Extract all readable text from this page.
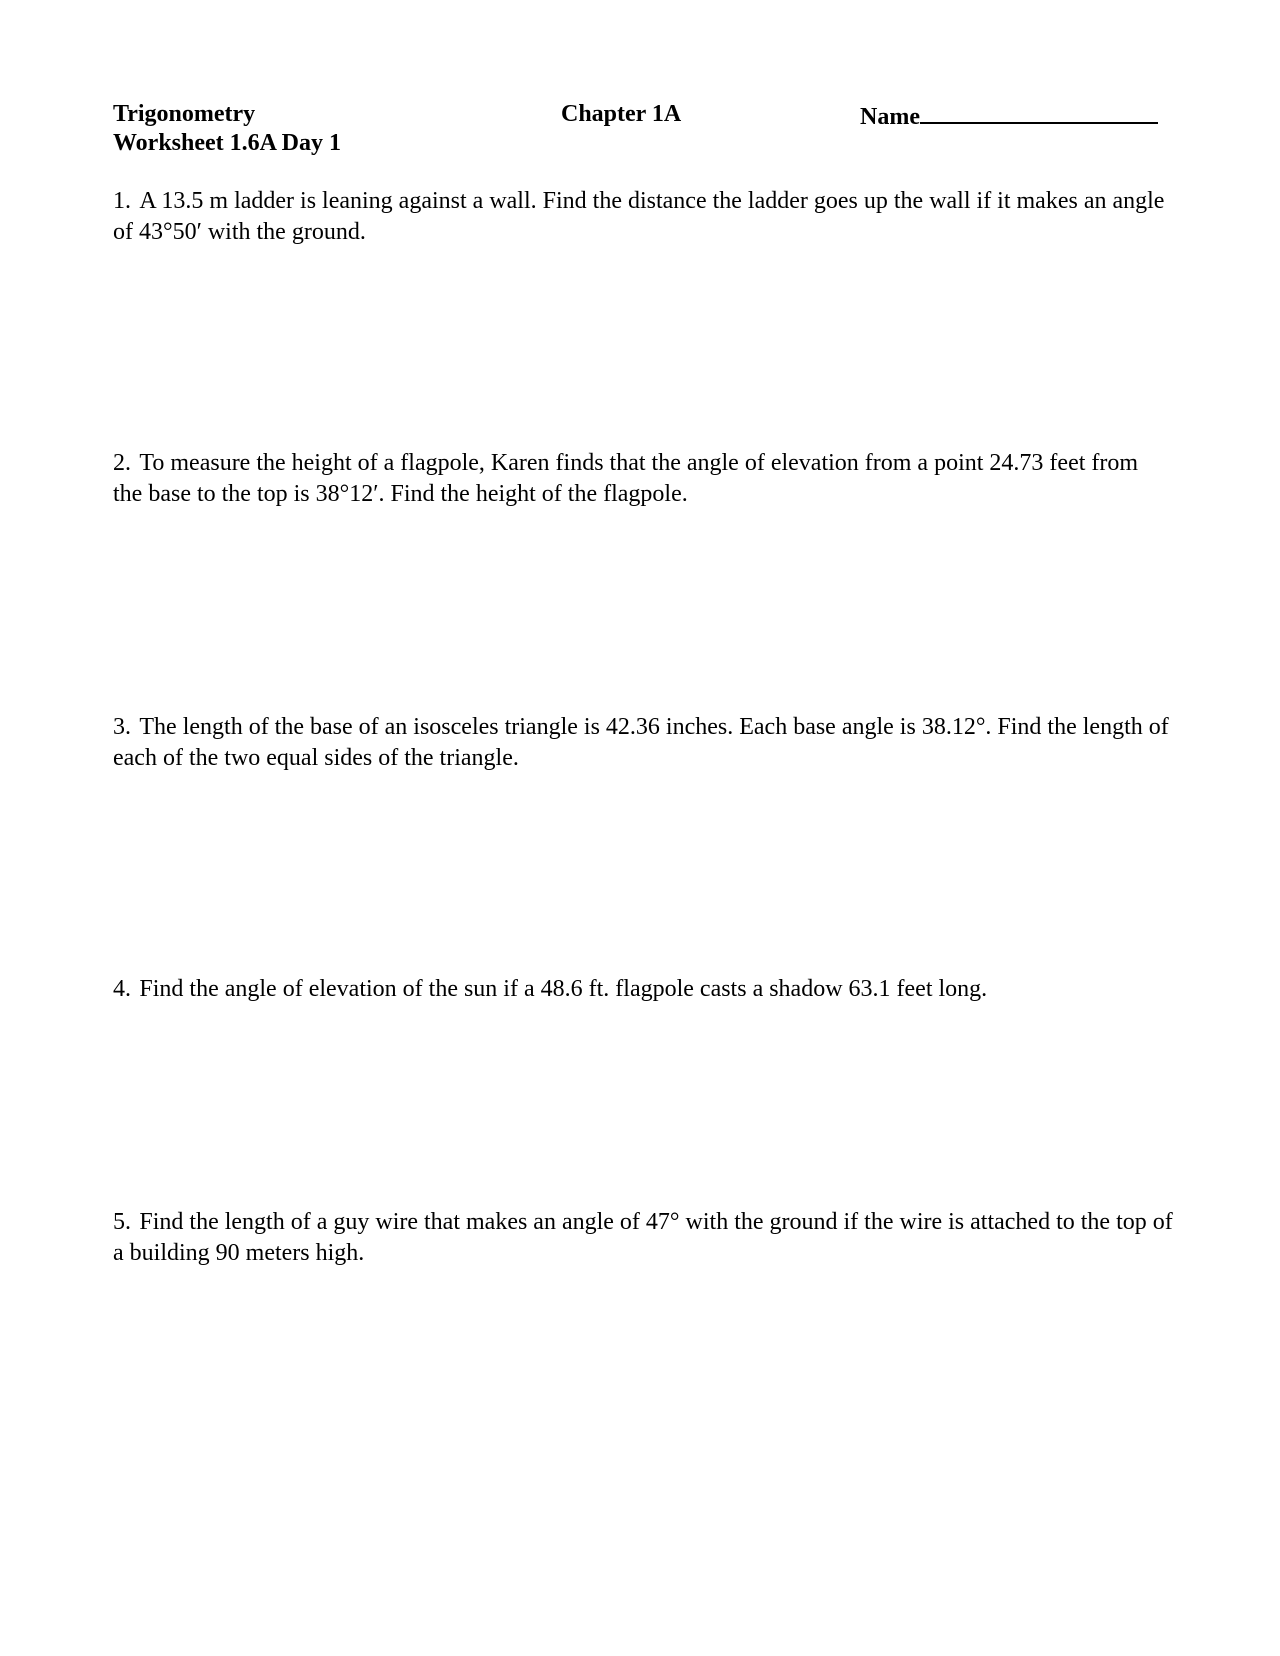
Trigonometry
Worksheet 1.6A Day 1
Chapter 1A	Name

1. A 13.5 m ladder is leaning against a wall. Find the distance the ladder goes up the wall if it makes an angle of 43°50′ with the ground.

2. To measure the height of a flagpole, Karen finds that the angle of elevation from a point 24.73 feet from the base to the top is 38°12′. Find the height of the flagpole.

3. The length of the base of an isosceles triangle is 42.36 inches. Each base angle is 38.12°. Find the length of each of the two equal sides of the triangle.

4. Find the angle of elevation of the sun if a 48.6 ft. flagpole casts a shadow 63.1 feet long.

5. Find the length of a guy wire that makes an angle of 47° with the ground if the wire is attached to the top of a building 90 meters high.
